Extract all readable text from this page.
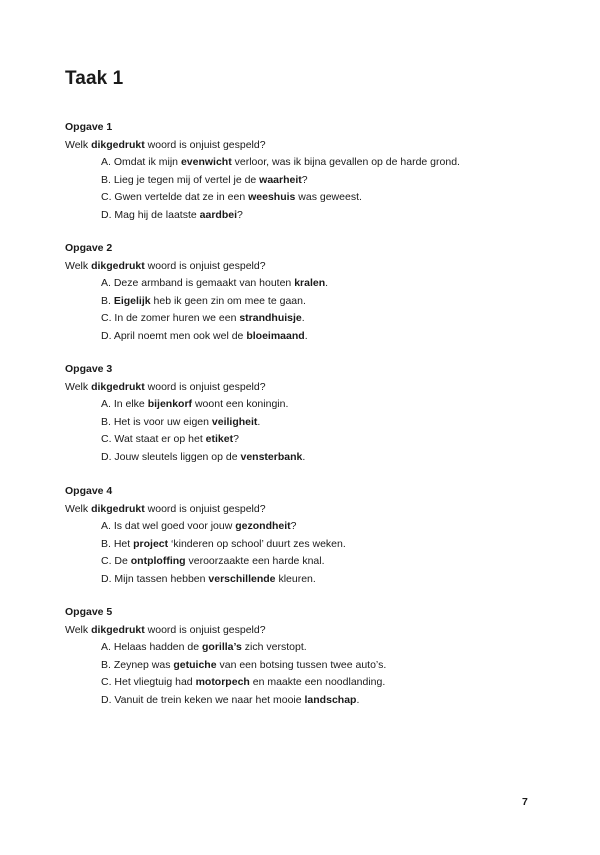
Taak 1
Opgave 1
Welk dikgedrukt woord is onjuist gespeld?
A. Omdat ik mijn evenwicht verloor, was ik bijna gevallen op de harde grond.
B. Lieg je tegen mij of vertel je de waarheit?
C. Gwen vertelde dat ze in een weeshuis was geweest.
D. Mag hij de laatste aardbei?
Opgave 2
Welk dikgedrukt woord is onjuist gespeld?
A. Deze armband is gemaakt van houten kralen.
B. Eigelijk heb ik geen zin om mee te gaan.
C. In de zomer huren we een strandhuisje.
D. April noemt men ook wel de bloeimaand.
Opgave 3
Welk dikgedrukt woord is onjuist gespeld?
A. In elke bijenkorf woont een koningin.
B. Het is voor uw eigen veiligheit.
C. Wat staat er op het etiket?
D. Jouw sleutels liggen op de vensterbank.
Opgave 4
Welk dikgedrukt woord is onjuist gespeld?
A. Is dat wel goed voor jouw gezondheit?
B. Het project ‘kinderen op school’ duurt zes weken.
C. De ontploffing veroorzaakte een harde knal.
D. Mijn tassen hebben verschillende kleuren.
Opgave 5
Welk dikgedrukt woord is onjuist gespeld?
A. Helaas hadden de gorilla’s zich verstopt.
B. Zeynep was getuiche van een botsing tussen twee auto’s.
C. Het vliegtuig had motorpech en maakte een noodlanding.
D. Vanuit de trein keken we naar het mooie landschap.
7
